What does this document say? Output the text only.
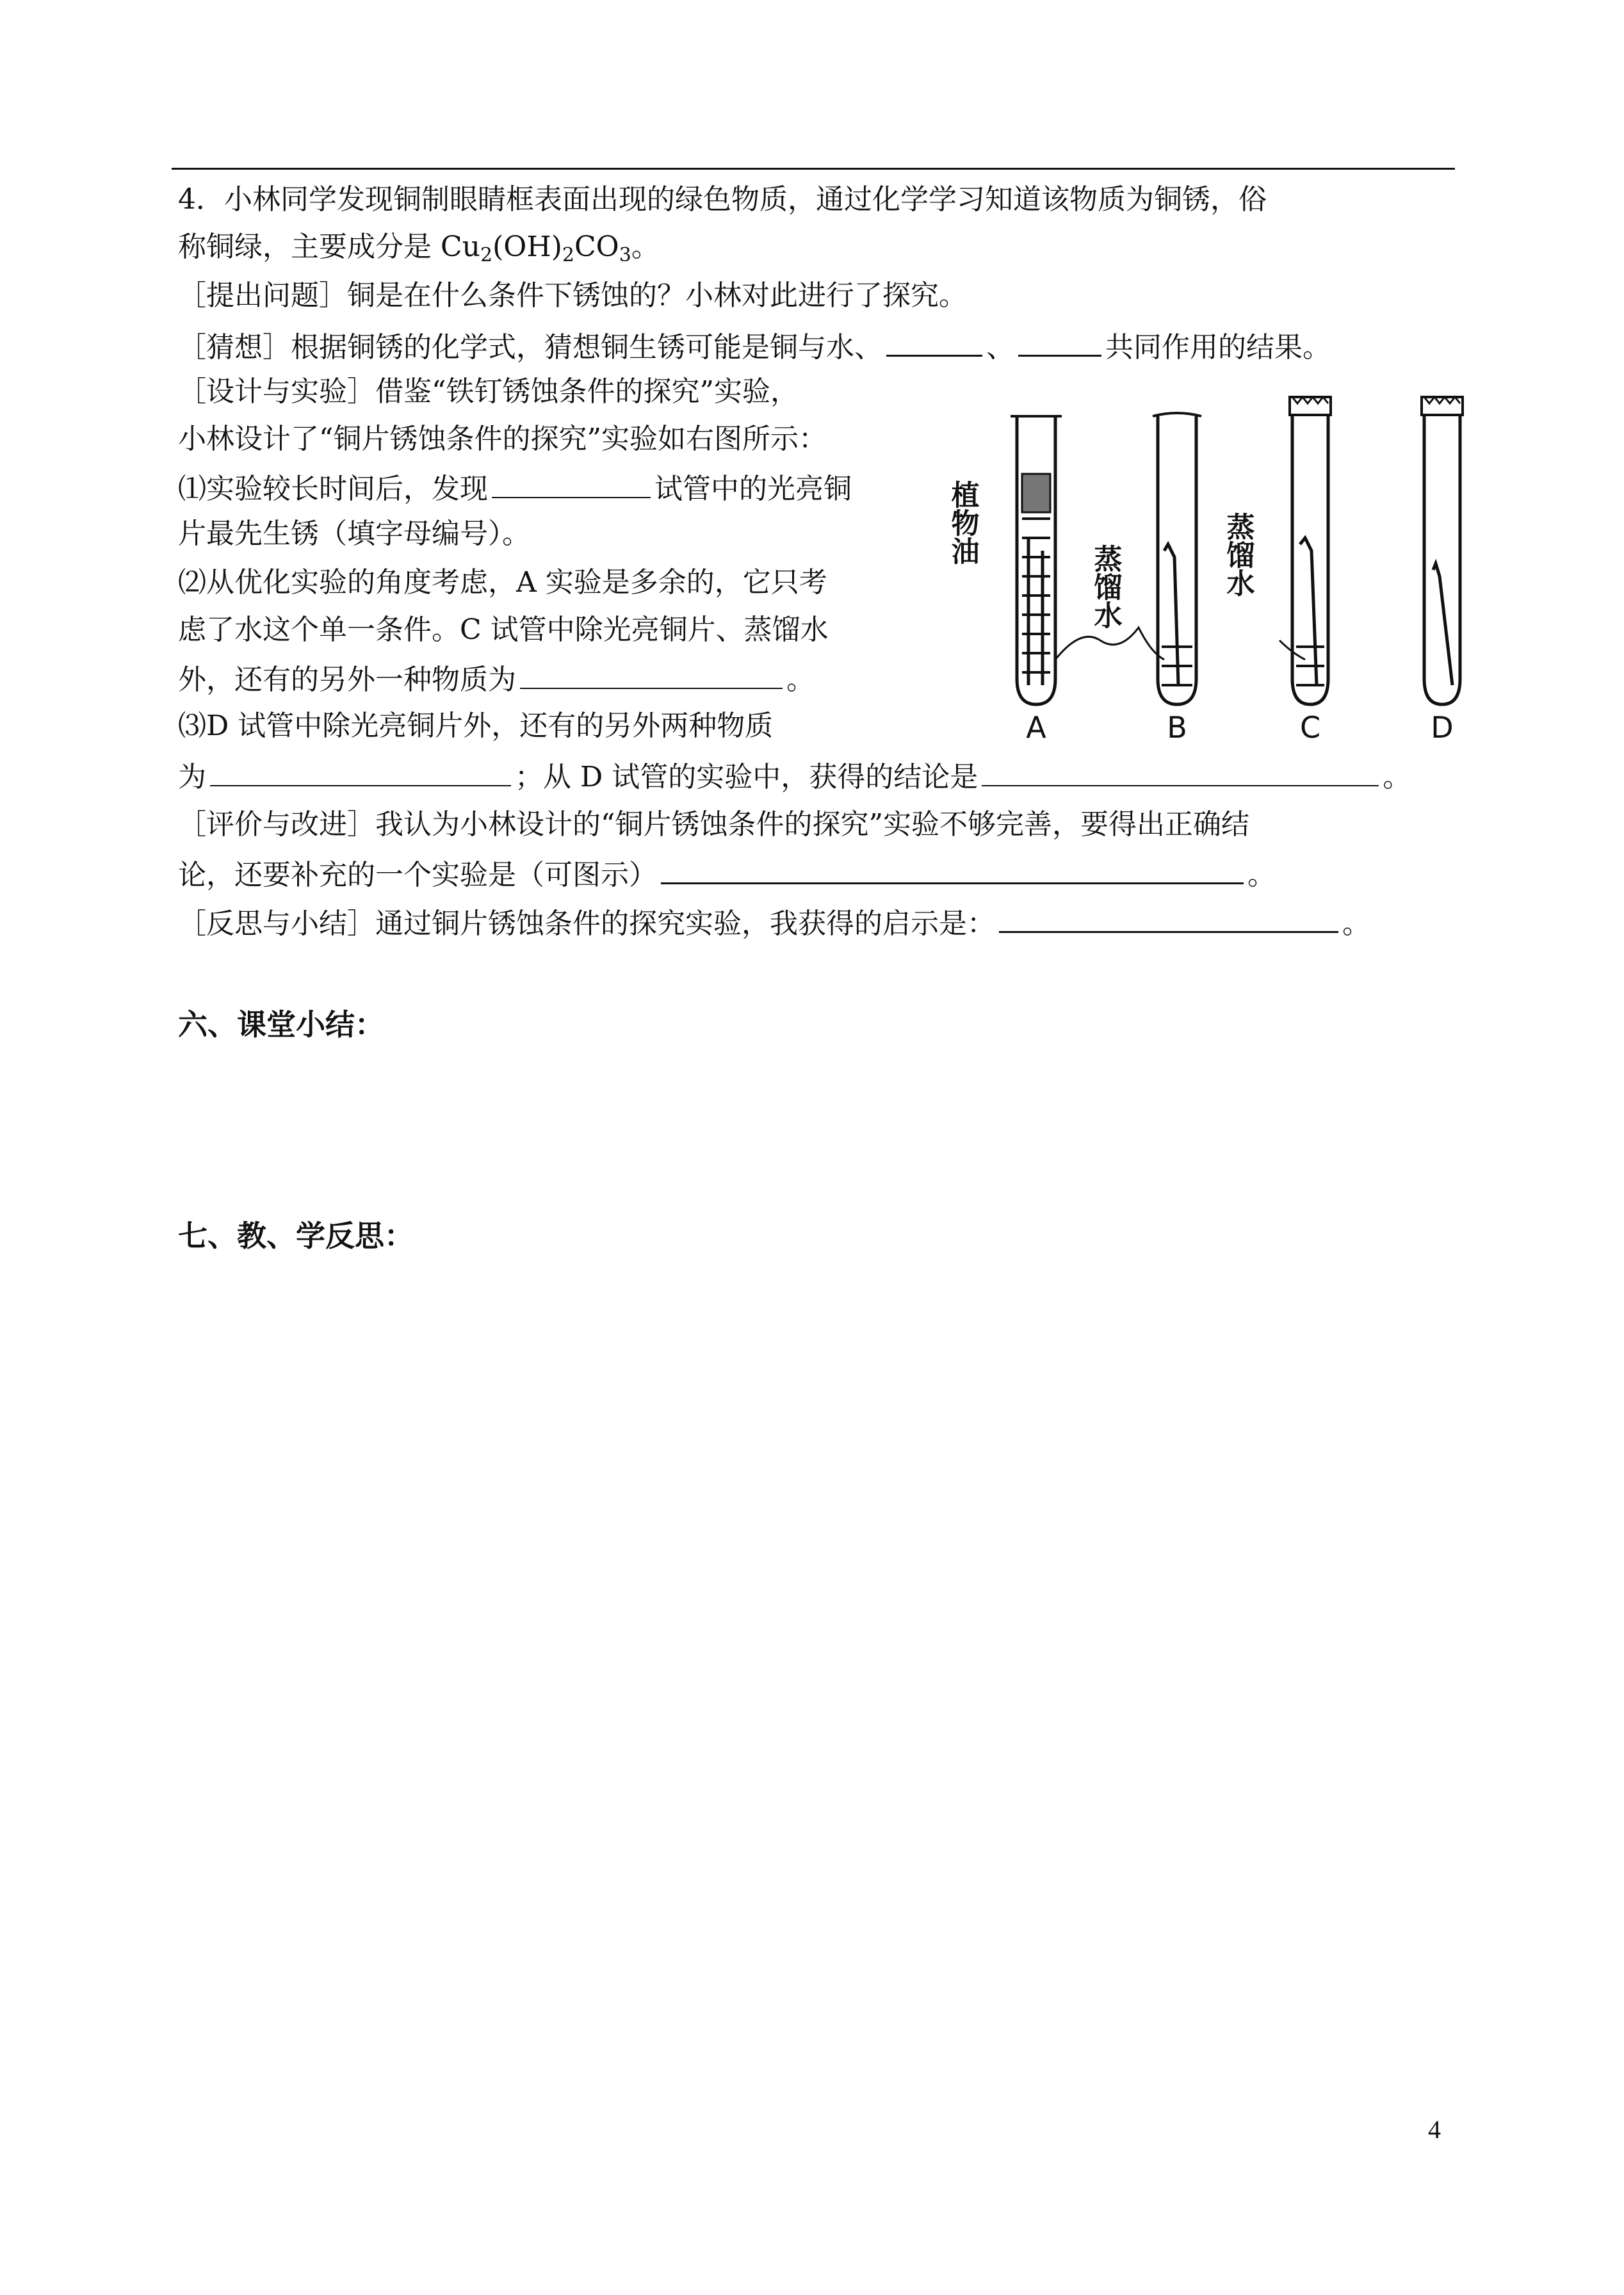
4．小林同学发现铜制眼睛框表面出现的绿色物质，通过化学学习知道该物质为铜锈，俗
称铜绿，主要成分是 $Cu_2(OH)_2CO_3$。
［提出问题］铜是在什么条件下锈蚀的？小林对此进行了探究。
［猜想］根据铜锈的化学式，猜想铜生锈可能是铜与水、	、	共同作用的结果。
［设计与实验］借鉴“铁钉锈蚀条件的探究”实验，
小林设计了“铜片锈蚀条件的探究”实验如右图所示：
⑴实验较长时间后，发现	试管中的光亮铜
片最先生锈（填字母编号）。
⑵从优化实验的角度考虑，A 实验是多余的，它只考
虑了水这个单一条件。C 试管中除光亮铜片、蒸馏水
外，还有的另外一种物质为	。
⑶D 试管中除光亮铜片外，还有的另外两种物质
为	；从 D 试管的实验中，获得的结论是	。
［评价与改进］我认为小林设计的“铜片锈蚀条件的探究”实验不够完善，要得出正确结
论，还要补充的一个实验是（可图示）	。
［反思与小结］通过铜片锈蚀条件的探究实验，我获得的启示是：	。
六、课堂小结：
七、教、学反思：
植物油
蒸馏水	蒸馏水
A	B	C	D
4
